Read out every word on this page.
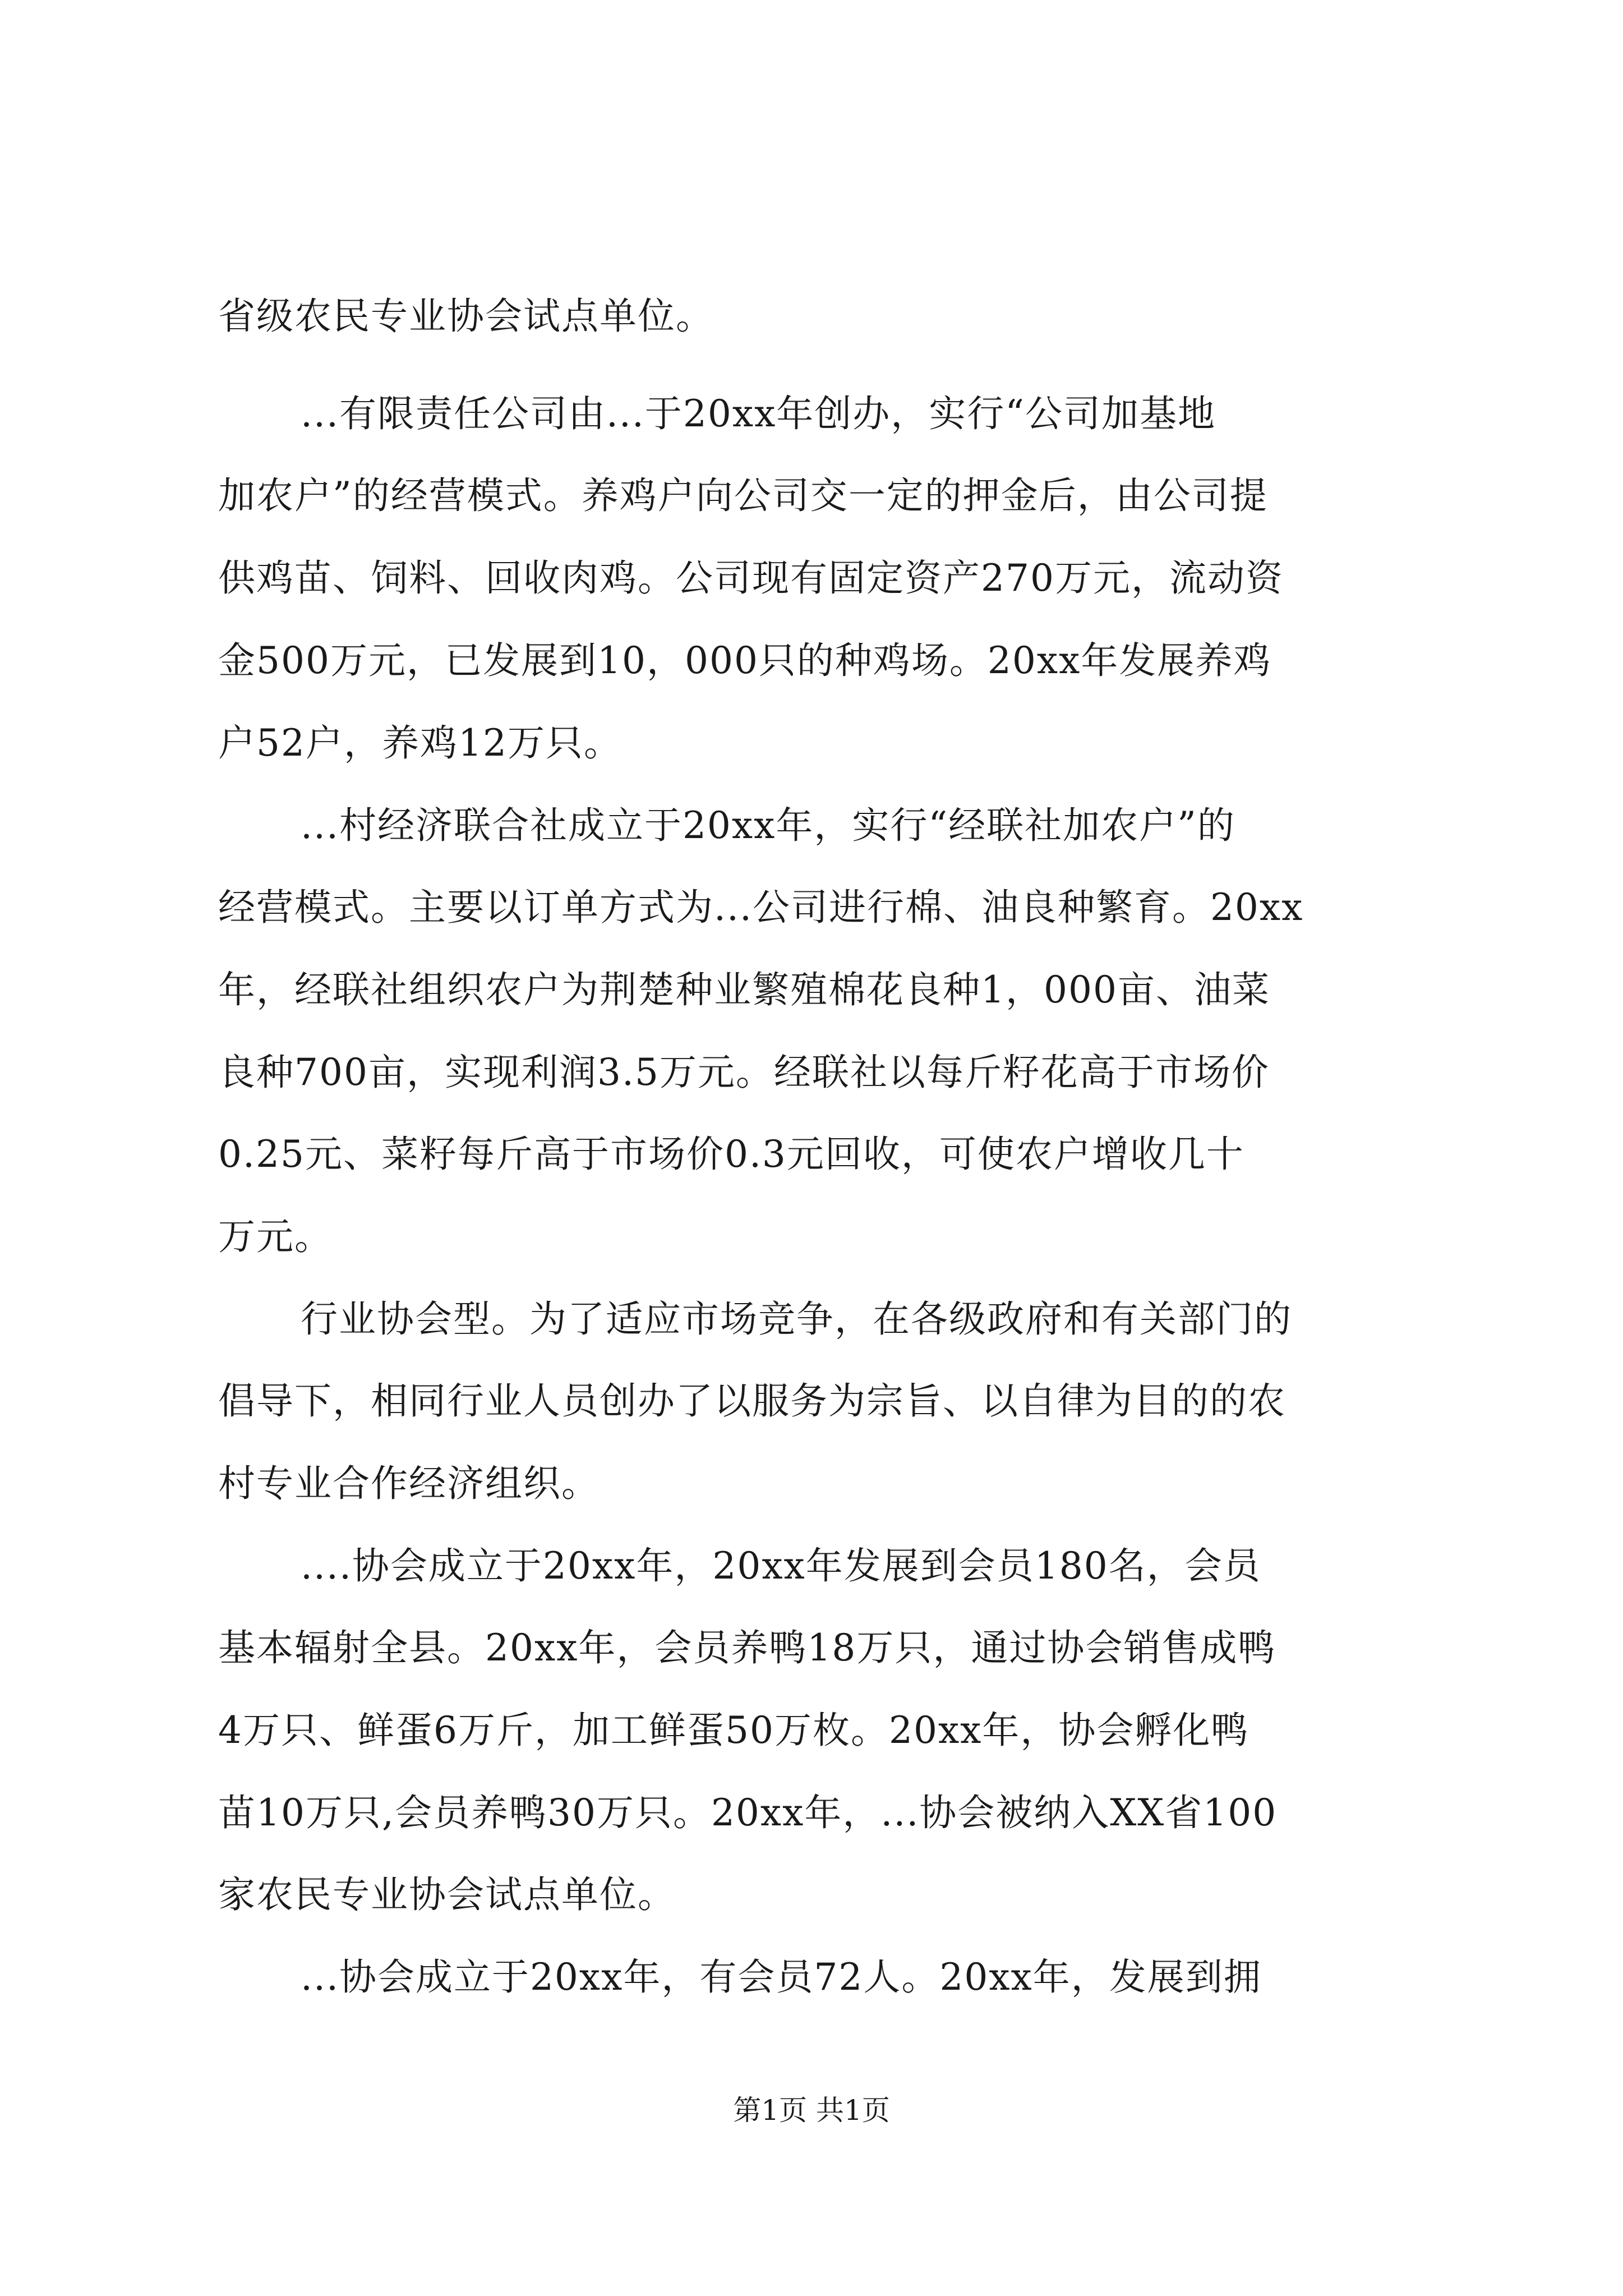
省级农民专业协会试点单位。
...有限责任公司由...于20xx年创办，实行“公司加基地
加农户”的经营模式。养鸡户向公司交一定的押金后，由公司提
供鸡苗、饲料、回收肉鸡。公司现有固定资产270万元，流动资
金500万元，已发展到10，000只的种鸡场。20xx年发展养鸡
户52户，养鸡12万只。
...村经济联合社成立于20xx年，实行“经联社加农户”的
经营模式。主要以订单方式为...公司进行棉、油良种繁育。20xx
年，经联社组织农户为荆楚种业繁殖棉花良种1，000亩、油菜
良种700亩，实现利润3.5万元。经联社以每斤籽花高于市场价
0.25元、菜籽每斤高于市场价0.3元回收，可使农户增收几十
万元。
行业协会型。为了适应市场竞争，在各级政府和有关部门的
倡导下，相同行业人员创办了以服务为宗旨、以自律为目的的农
村专业合作经济组织。
....协会成立于20xx年，20xx年发展到会员180名，会员
基本辐射全县。20xx年，会员养鸭18万只，通过协会销售成鸭
4万只、鲜蛋6万斤，加工鲜蛋50万枚。20xx年，协会孵化鸭
苗10万只,会员养鸭30万只。20xx年，...协会被纳入XX省100
家农民专业协会试点单位。
...协会成立于20xx年，有会员72人。20xx年，发展到拥
第1页 共1页
